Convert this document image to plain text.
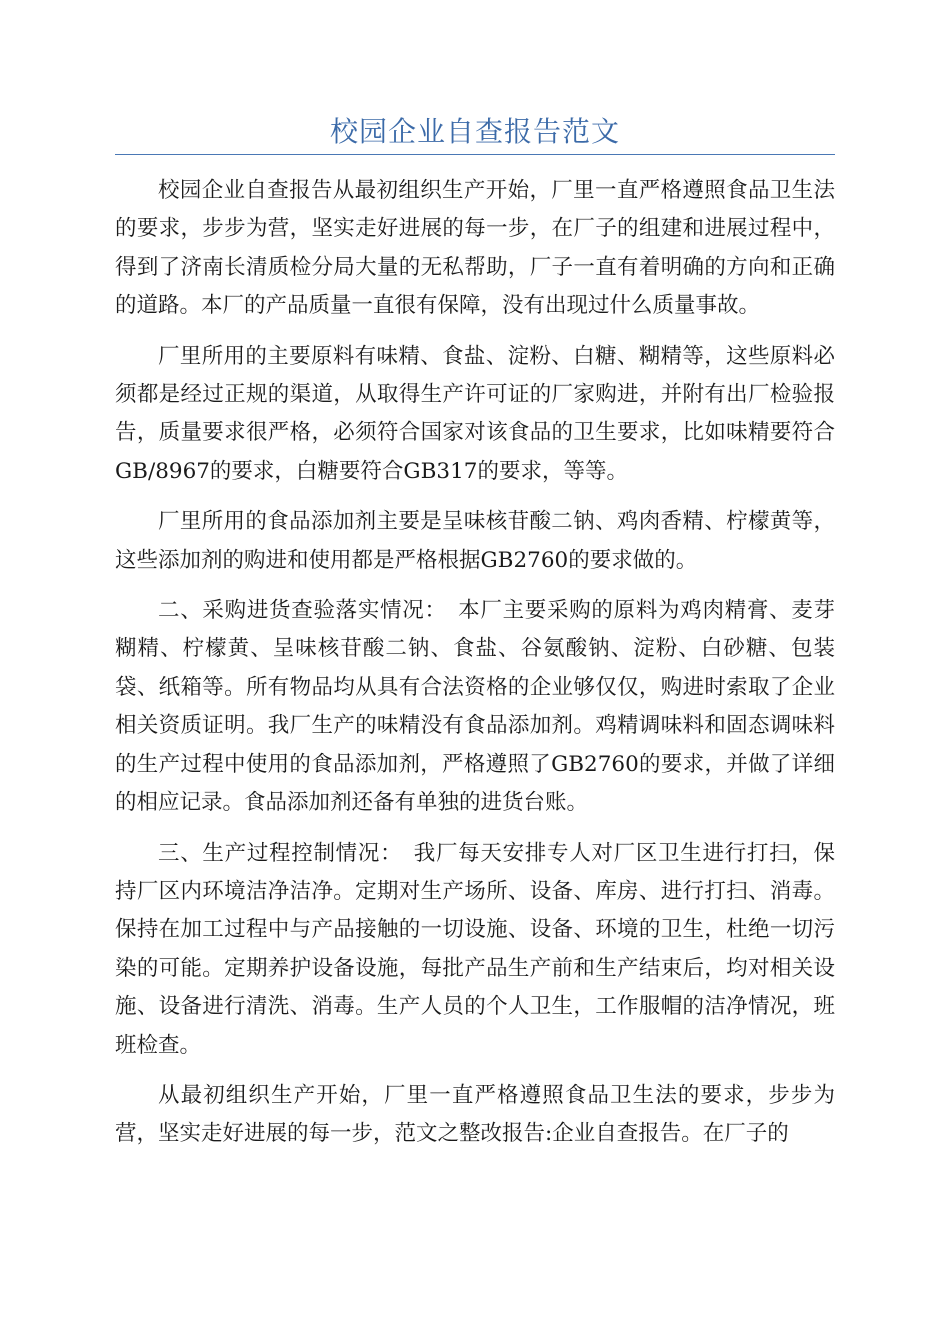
校园企业自查报告范文

校园企业自查报告从最初组织生产开始，厂里一直严格遵照食品卫生法的要求，步步为营，坚实走好进展的每一步，在厂子的组建和进展过程中，得到了济南长清质检分局大量的无私帮助，厂子一直有着明确的方向和正确的道路。本厂的产品质量一直很有保障，没有出现过什么质量事故。

厂里所用的主要原料有味精、食盐、淀粉、白糖、糊精等，这些原料必须都是经过正规的渠道，从取得生产许可证的厂家购进，并附有出厂检验报告，质量要求很严格，必须符合国家对该食品的卫生要求，比如味精要符合GB/8967的要求，白糖要符合GB317的要求，等等。

厂里所用的食品添加剂主要是呈味核苷酸二钠、鸡肉香精、柠檬黄等，这些添加剂的购进和使用都是严格根据GB2760的要求做的。

二、采购进货查验落实情况：　本厂主要采购的原料为鸡肉精膏、麦芽糊精、柠檬黄、呈味核苷酸二钠、食盐、谷氨酸钠、淀粉、白砂糖、包装袋、纸箱等。所有物品均从具有合法资格的企业够仅仅，购进时索取了企业相关资质证明。我厂生产的味精没有食品添加剂。鸡精调味料和固态调味料的生产过程中使用的食品添加剂，严格遵照了GB2760的要求，并做了详细的相应记录。食品添加剂还备有单独的进货台账。

三、生产过程控制情况：　我厂每天安排专人对厂区卫生进行打扫，保持厂区内环境洁净洁净。定期对生产场所、设备、库房、进行打扫、消毒。保持在加工过程中与产品接触的一切设施、设备、环境的卫生，杜绝一切污染的可能。定期养护设备设施，每批产品生产前和生产结束后，均对相关设施、设备进行清洗、消毒。生产人员的个人卫生，工作服帽的洁净情况，班班检查。

从最初组织生产开始，厂里一直严格遵照食品卫生法的要求，步步为营，坚实走好进展的每一步，范文之整改报告:企业自查报告。在厂子的
